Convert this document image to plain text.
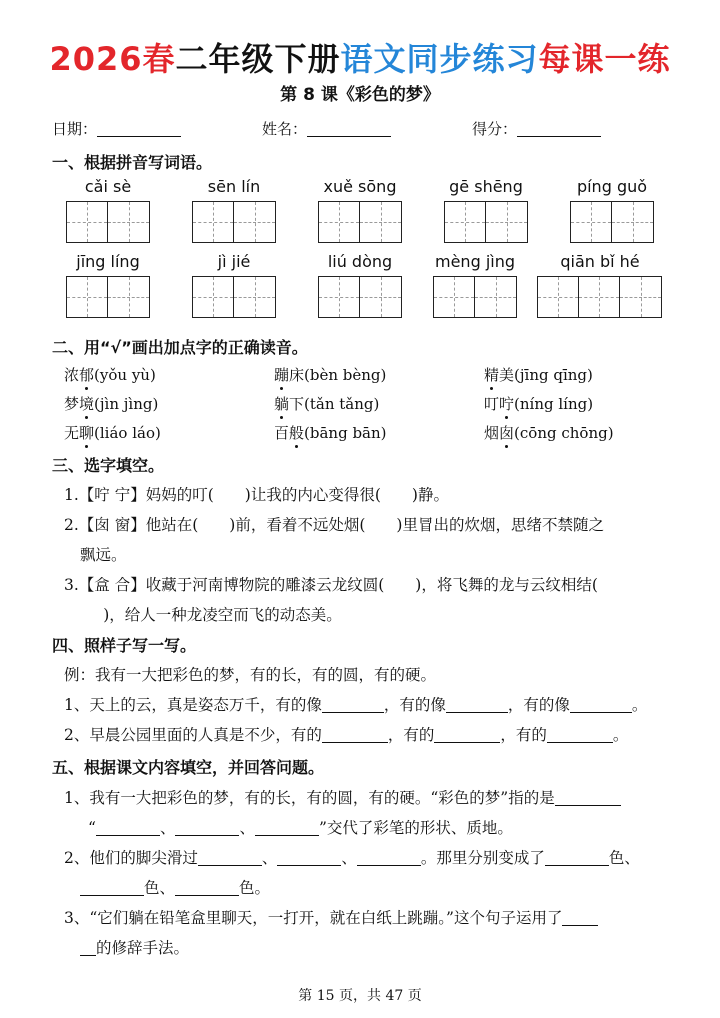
2026春二年级下册语文同步练习每课一练
第 8 课《彩色的梦》
日期：	姓名：	得分：
一、根据拼音写词语。
cǎi sè	sēn lín	xuě sōng	gē shēng	píng guǒ
jīng líng	jì jié	liú dòng	mèng jìng	qiān bǐ hé
二、用“√”画出加点字的正确读音。
浓郁(yǒu yù)	蹦床(bèn bèng)	精美(jīng qīng)
梦境(jìn jìng)	躺下(tǎn tǎng)	叮咛(níng líng)
无聊(liáo láo)	百般(bāng bān)	烟囱(cōng chōng)
三、选字填空。
1.【咛 宁】妈妈的叮(   )让我的内心变得很(   )静。
2.【囱 窗】他站在(   )前，看着不远处烟(   )里冒出的炊烟，思绪不禁随之
飘远。
3.【盒 合】收藏于河南博物院的雕漆云龙纹圆(   )，将飞舞的龙与云纹相结(
  )，给人一种龙凌空而飞的动态美。
四、照样子写一写。
例：我有一大把彩色的梦，有的长，有的圆，有的硬。
1、天上的云，真是姿态万千，有的像	，有的像	，有的像	。
2、早晨公园里面的人真是不少，有的	，有的	，有的	。
五、根据课文内容填空，并回答问题。
1、我有一大把彩色的梦，有的长，有的圆，有的硬。“彩色的梦”指的是
“	、	、	”交代了彩笔的形状、质地。
2、他们的脚尖滑过	、	、	。那里分别变成了	色、
色、	色。
3、“它们躺在铅笔盒里聊天，一打开，就在白纸上跳蹦。”这个句子运用了
的修辞手法。
第 15 页，共 47 页
